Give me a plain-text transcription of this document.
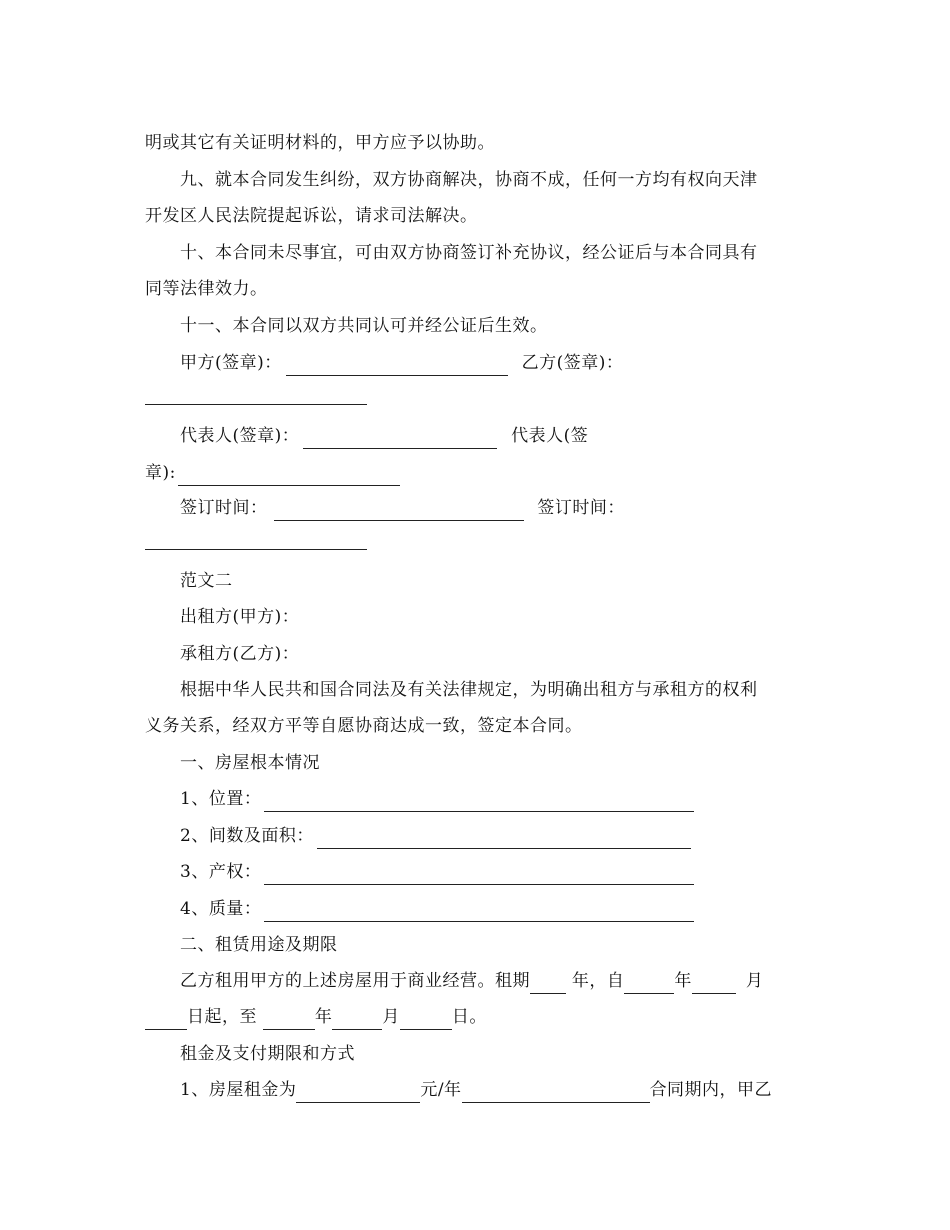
明或其它有关证明材料的，甲方应予以协助。
九、就本合同发生纠纷，双方协商解决，协商不成，任何一方均有权向天津
开发区人民法院提起诉讼，请求司法解决。
十、本合同未尽事宜，可由双方协商签订补充协议，经公证后与本合同具有
同等法律效力。
十一、本合同以双方共同认可并经公证后生效。
甲方(签章)：	乙方(签章)：
代表人(签章)：	代表人(签
章):
签订时间：	签订时间：
范文二
出租方(甲方)：
承租方(乙方)：
根据中华人民共和国合同法及有关法律规定，为明确出租方与承租方的权利
义务关系，经双方平等自愿协商达成一致，签定本合同。
一、房屋根本情况
1、位置：
2、间数及面积：
3、产权：
4、质量：
二、租赁用途及期限
乙方租用甲方的上述房屋用于商业经营。租期 年，自	年	月
日起，至	年	月	日。
租金及支付期限和方式
1、房屋租金为	元/年	合同期内，甲乙
